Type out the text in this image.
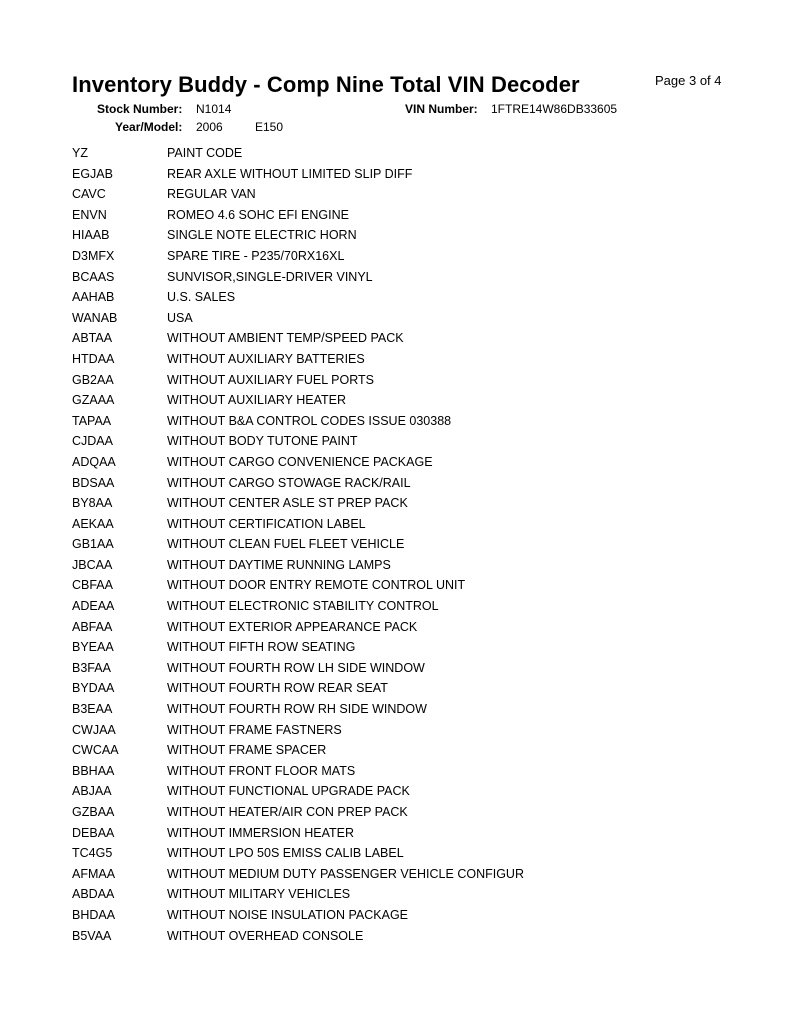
Inventory Buddy - Comp Nine Total VIN Decoder	Page 3 of 4
Stock Number:	N1014	VIN Number:	1FTRE14W86DB33605
Year/Model:	2006	E150
YZ	PAINT CODE
EGJAB	REAR AXLE WITHOUT LIMITED SLIP DIFF
CAVC	REGULAR VAN
ENVN	ROMEO 4.6 SOHC EFI ENGINE
HIAAB	SINGLE NOTE ELECTRIC HORN
D3MFX	SPARE TIRE - P235/70RX16XL
BCAAS	SUNVISOR,SINGLE-DRIVER VINYL
AAHAB	U.S. SALES
WANAB	USA
ABTAA	WITHOUT AMBIENT TEMP/SPEED PACK
HTDAA	WITHOUT AUXILIARY BATTERIES
GB2AA	WITHOUT AUXILIARY FUEL PORTS
GZAAA	WITHOUT AUXILIARY HEATER
TAPAA	WITHOUT B&A CONTROL CODES ISSUE 030388
CJDAA	WITHOUT BODY TUTONE PAINT
ADQAA	WITHOUT CARGO CONVENIENCE PACKAGE
BDSAA	WITHOUT CARGO STOWAGE RACK/RAIL
BY8AA	WITHOUT CENTER ASLE ST PREP PACK
AEKAA	WITHOUT CERTIFICATION LABEL
GB1AA	WITHOUT CLEAN FUEL FLEET VEHICLE
JBCAA	WITHOUT DAYTIME RUNNING LAMPS
CBFAA	WITHOUT DOOR ENTRY REMOTE CONTROL UNIT
ADEAA	WITHOUT ELECTRONIC STABILITY CONTROL
ABFAA	WITHOUT EXTERIOR APPEARANCE PACK
BYEAA	WITHOUT FIFTH ROW SEATING
B3FAA	WITHOUT FOURTH ROW LH SIDE WINDOW
BYDAA	WITHOUT FOURTH ROW REAR SEAT
B3EAA	WITHOUT FOURTH ROW RH SIDE WINDOW
CWJAA	WITHOUT FRAME FASTNERS
CWCAA	WITHOUT FRAME SPACER
BBHAA	WITHOUT FRONT FLOOR MATS
ABJAA	WITHOUT FUNCTIONAL UPGRADE PACK
GZBAA	WITHOUT HEATER/AIR CON PREP PACK
DEBAA	WITHOUT IMMERSION HEATER
TC4G5	WITHOUT LPO 50S EMISS CALIB LABEL
AFMAA	WITHOUT MEDIUM DUTY PASSENGER VEHICLE CONFIGUR
ABDAA	WITHOUT MILITARY VEHICLES
BHDAA	WITHOUT NOISE INSULATION PACKAGE
B5VAA	WITHOUT OVERHEAD CONSOLE
